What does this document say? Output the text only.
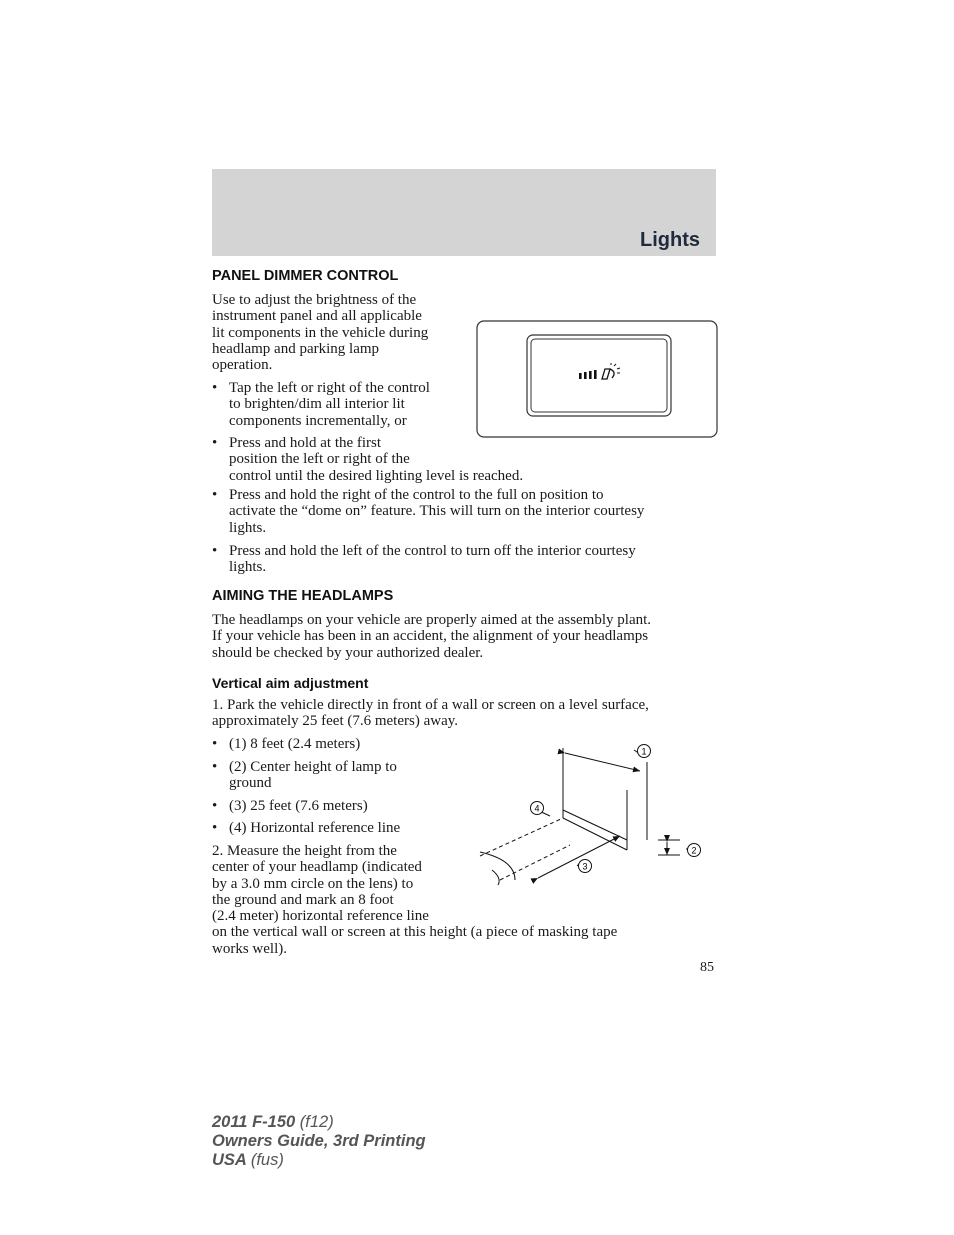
Lights
PANEL DIMMER CONTROL
Use to adjust the brightness of the
instrument panel and all applicable
lit components in the vehicle during
headlamp and parking lamp
operation.
• Tap the left or right of the control
to brighten/dim all interior lit
components incrementally, or
• Press and hold at the first
position the left or right of the
control until the desired lighting level is reached.
• Press and hold the right of the control to the full on position to
activate the “dome on” feature. This will turn on the interior courtesy
lights.
• Press and hold the left of the control to turn off the interior courtesy
lights.
AIMING THE HEADLAMPS
The headlamps on your vehicle are properly aimed at the assembly plant.
If your vehicle has been in an accident, the alignment of your headlamps
should be checked by your authorized dealer.
Vertical aim adjustment
1. Park the vehicle directly in front of a wall or screen on a level surface,
approximately 25 feet (7.6 meters) away.
• (1) 8 feet (2.4 meters)
• (2) Center height of lamp to
ground
• (3) 25 feet (7.6 meters)
• (4) Horizontal reference line
2. Measure the height from the
center of your headlamp (indicated
by a 3.0 mm circle on the lens) to
the ground and mark an 8 foot
(2.4 meter) horizontal reference line
on the vertical wall or screen at this height (a piece of masking tape
works well).
1
2
3
4
85
2011 F-150 (f12)
Owners Guide, 3rd Printing
USA (fus)
